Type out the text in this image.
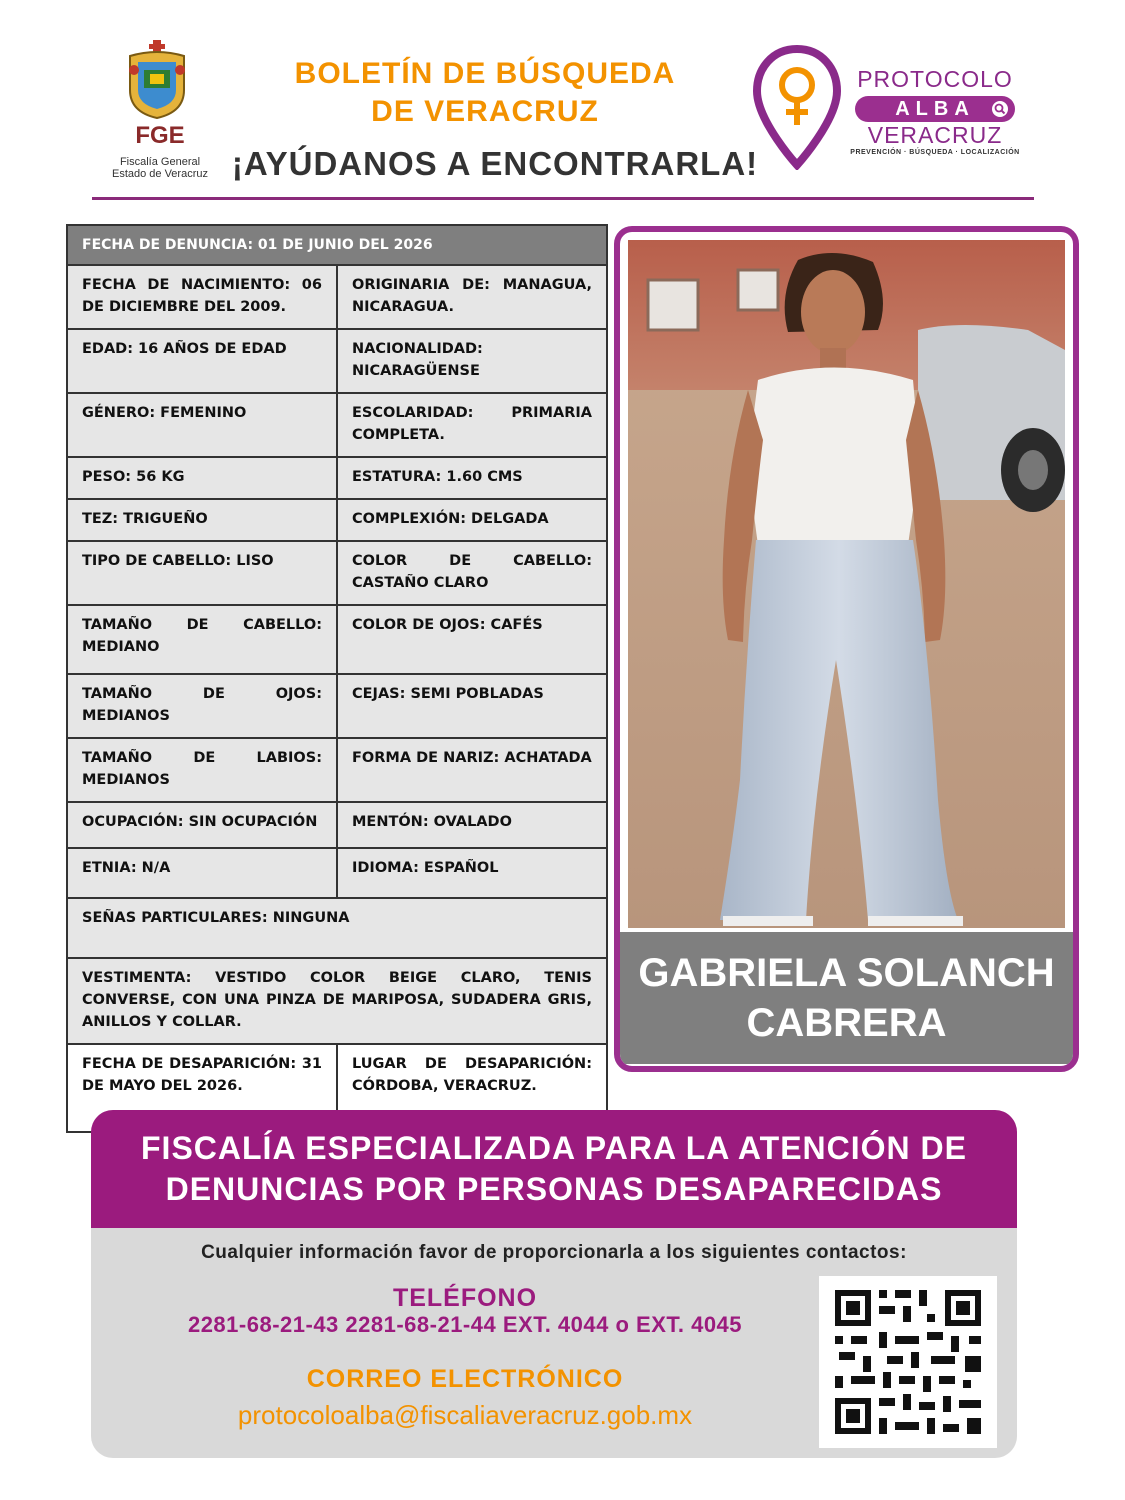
FGE
Fiscalía General
Estado de Veracruz
BOLETÍN DE BÚSQUEDA
DE VERACRUZ
¡AYÚDANOS A ENCONTRARLA!
PROTOCOLO
ALBA
VERACRUZ
PREVENCIÓN · BÚSQUEDA · LOCALIZACIÓN
FECHA DE DENUNCIA: 01 DE JUNIO DEL 2026	
FECHA DE NACIMIENTO: 06 DE DICIEMBRE DEL 2009.	ORIGINARIA DE: MANAGUA, NICARAGUA.
EDAD: 16 AÑOS DE EDAD	NACIONALIDAD: NICARAGÜENSE
GÉNERO: FEMENINO	ESCOLARIDAD: PRIMARIA COMPLETA.
PESO: 56 KG	ESTATURA: 1.60 CMS
TEZ: TRIGUEÑO	COMPLEXIÓN: DELGADA
TIPO DE CABELLO: LISO	COLOR DE CABELLO: CASTAÑO CLARO
TAMAÑO DE CABELLO: MEDIANO	COLOR DE OJOS: CAFÉS
TAMAÑO DE OJOS: MEDIANOS	CEJAS: SEMI POBLADAS
TAMAÑO DE LABIOS: MEDIANOS	FORMA DE NARIZ: ACHATADA
OCUPACIÓN: SIN OCUPACIÓN	MENTÓN: OVALADO
ETNIA: N/A	IDIOMA: ESPAÑOL
SEÑAS PARTICULARES: NINGUNA	
VESTIMENTA: VESTIDO COLOR BEIGE CLARO, TENIS CONVERSE, CON UNA PINZA DE MARIPOSA, SUDADERA GRIS, ANILLOS Y COLLAR.	
FECHA DE DESAPARICIÓN: 31 DE MAYO DEL 2026.	LUGAR DE DESAPARICIÓN: CÓRDOBA, VERACRUZ.
GABRIELA SOLANCH
CABRERA
FISCALÍA ESPECIALIZADA PARA LA ATENCIÓN DE
DENUNCIAS POR PERSONAS DESAPARECIDAS
Cualquier información favor de proporcionarla a los siguientes contactos:
TELÉFONO
2281-68-21-43 2281-68-21-44 EXT. 4044 o EXT. 4045
CORREO ELECTRÓNICO
protocoloalba@fiscaliaveracruz.gob.mx
